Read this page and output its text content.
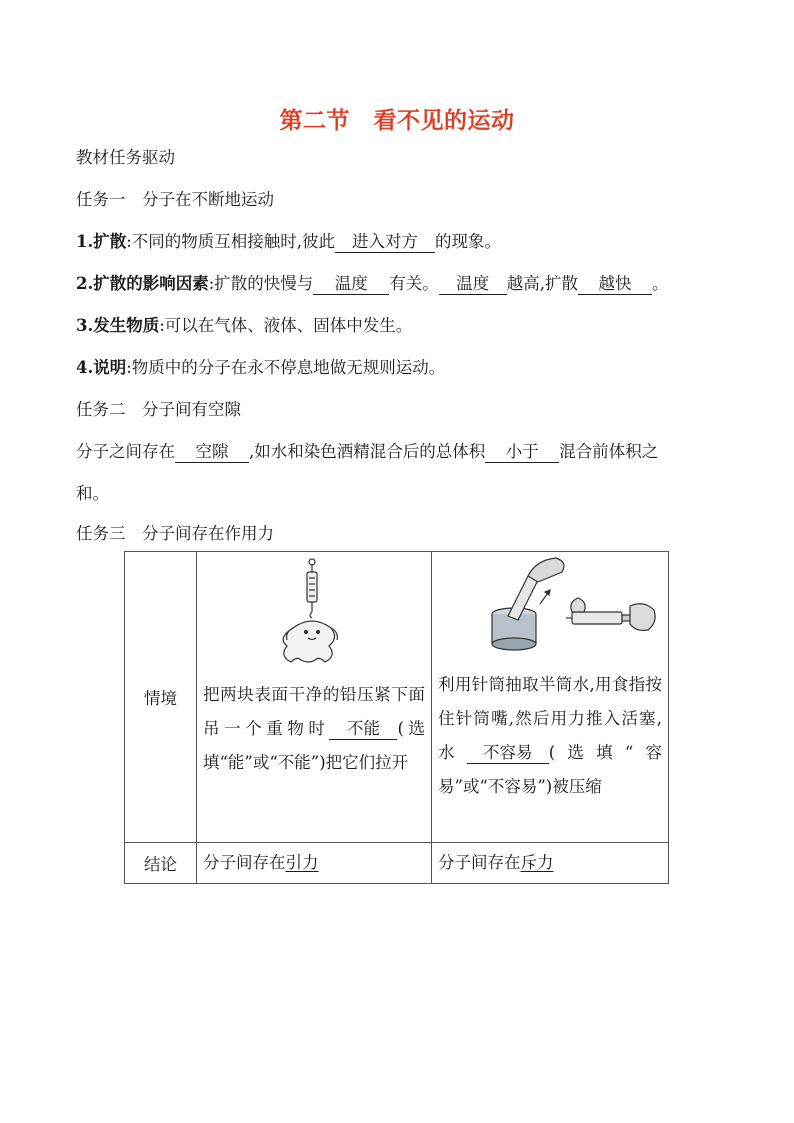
第二节　看不见的运动
教材任务驱动
任务一　分子在不断地运动
1.扩散:不同的物质互相接触时,彼此 进入对方 的现象。
2.扩散的影响因素:扩散的快慢与 温度 有关。 温度 越高,扩散 越快 。
3.发生物质:可以在气体、液体、固体中发生。
4.说明:物质中的分子在永不停息地做无规则运动。
任务二　分子间有空隙
分子之间存在 空隙 ,如水和染色酒精混合后的总体积 小于 混合前体积之
和。
任务三　分子间存在作用力
情境	把两块表面干净的铅压紧下面吊一个重物时 不能 (选填“能”或“不能”)把它们拉开	利用针筒抽取半筒水,用食指按住针筒嘴,然后用力推入活塞,水 不容易 (选填“容易”或“不容易”)被压缩

结论	分子间存在引力	分子间存在斥力
